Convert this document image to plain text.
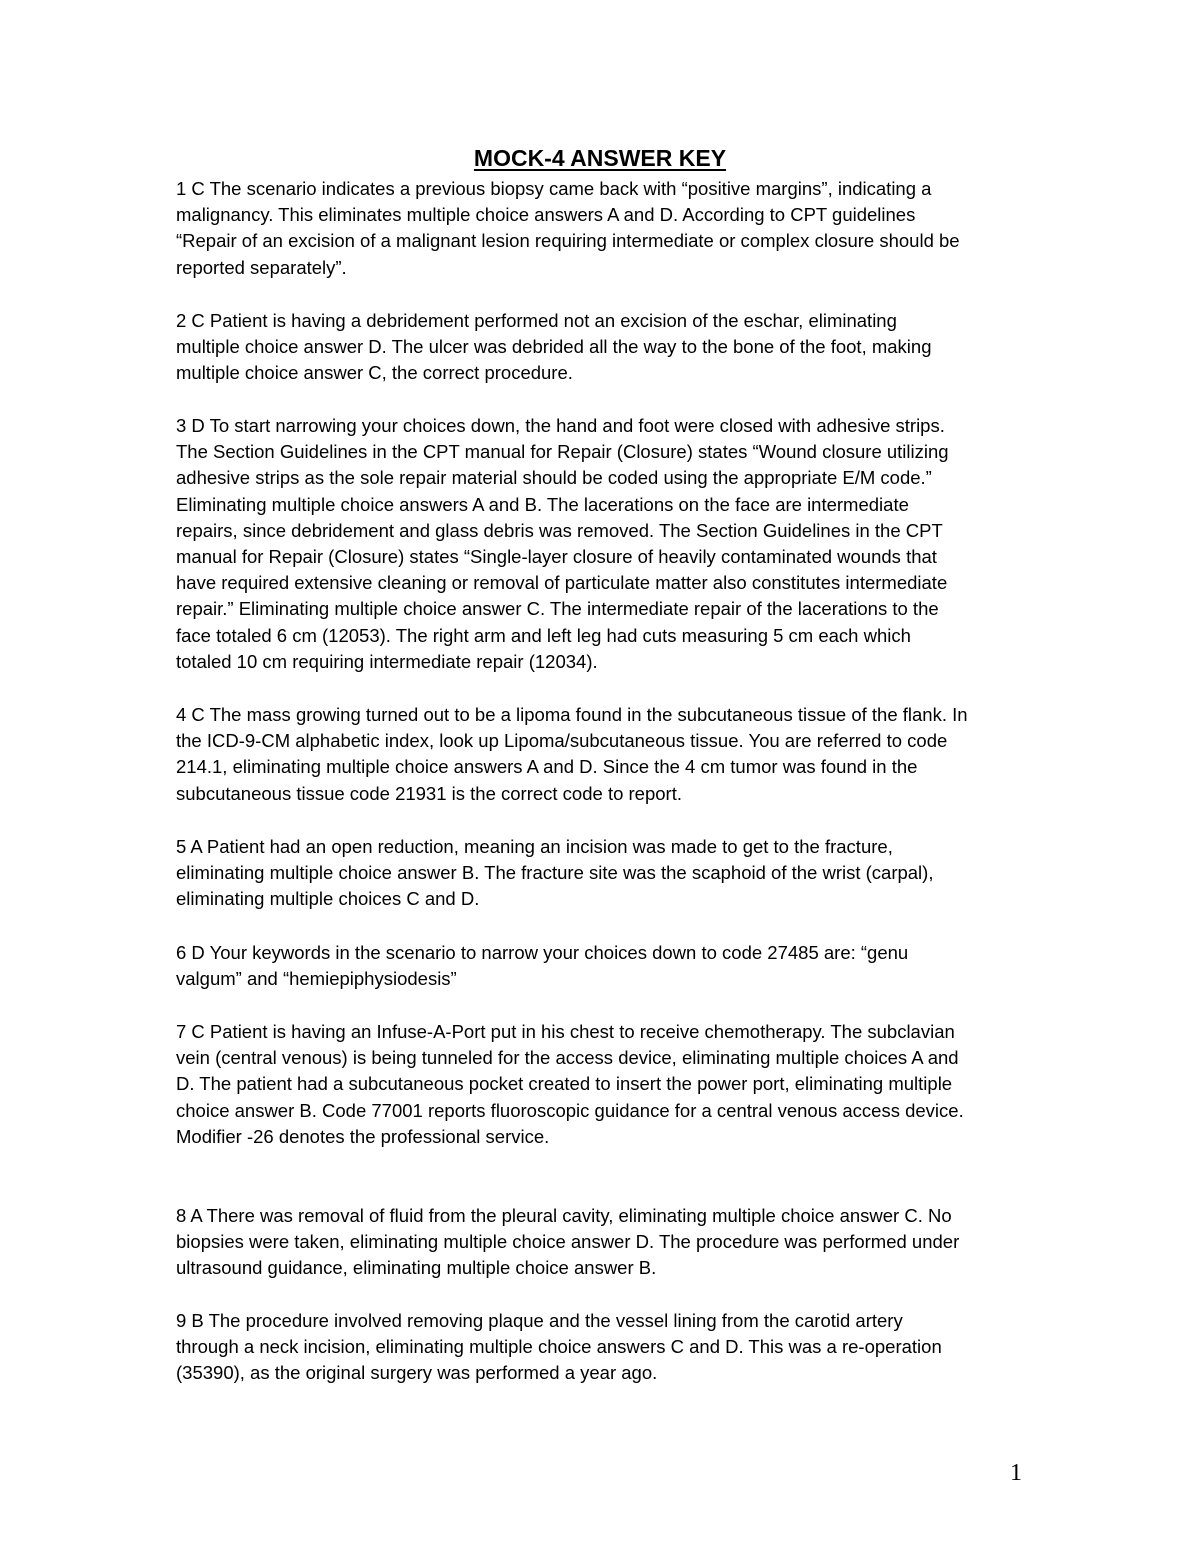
MOCK-4 ANSWER KEY

1 C The scenario indicates a previous biopsy came back with “positive margins”, indicating a
malignancy. This eliminates multiple choice answers A and D. According to CPT guidelines
“Repair of an excision of a malignant lesion requiring intermediate or complex closure should be
reported separately”.

2 C Patient is having a debridement performed not an excision of the eschar, eliminating
multiple choice answer D. The ulcer was debrided all the way to the bone of the foot, making
multiple choice answer C, the correct procedure.

3 D To start narrowing your choices down, the hand and foot were closed with adhesive strips.
The Section Guidelines in the CPT manual for Repair (Closure) states “Wound closure utilizing
adhesive strips as the sole repair material should be coded using the appropriate E/M code.”
Eliminating multiple choice answers A and B. The lacerations on the face are intermediate
repairs, since debridement and glass debris was removed. The Section Guidelines in the CPT
manual for Repair (Closure) states “Single-layer closure of heavily contaminated wounds that
have required extensive cleaning or removal of particulate matter also constitutes intermediate
repair.” Eliminating multiple choice answer C. The intermediate repair of the lacerations to the
face totaled 6 cm (12053). The right arm and left leg had cuts measuring 5 cm each which
totaled 10 cm requiring intermediate repair (12034).

4 C The mass growing turned out to be a lipoma found in the subcutaneous tissue of the flank. In
the ICD-9-CM alphabetic index, look up Lipoma/subcutaneous tissue. You are referred to code
214.1, eliminating multiple choice answers A and D. Since the 4 cm tumor was found in the
subcutaneous tissue code 21931 is the correct code to report.

5 A Patient had an open reduction, meaning an incision was made to get to the fracture,
eliminating multiple choice answer B. The fracture site was the scaphoid of the wrist (carpal),
eliminating multiple choices C and D.

6 D Your keywords in the scenario to narrow your choices down to code 27485 are: “genu
valgum” and “hemiepiphysiodesis”

7 C Patient is having an Infuse-A-Port put in his chest to receive chemotherapy. The subclavian
vein (central venous) is being tunneled for the access device, eliminating multiple choices A and
D. The patient had a subcutaneous pocket created to insert the power port, eliminating multiple
choice answer B. Code 77001 reports fluoroscopic guidance for a central venous access device.
Modifier -26 denotes the professional service.

8 A There was removal of fluid from the pleural cavity, eliminating multiple choice answer C. No
biopsies were taken, eliminating multiple choice answer D. The procedure was performed under
ultrasound guidance, eliminating multiple choice answer B.

9 B The procedure involved removing plaque and the vessel lining from the carotid artery
through a neck incision, eliminating multiple choice answers C and D. This was a re-operation
(35390), as the original surgery was performed a year ago.

1
